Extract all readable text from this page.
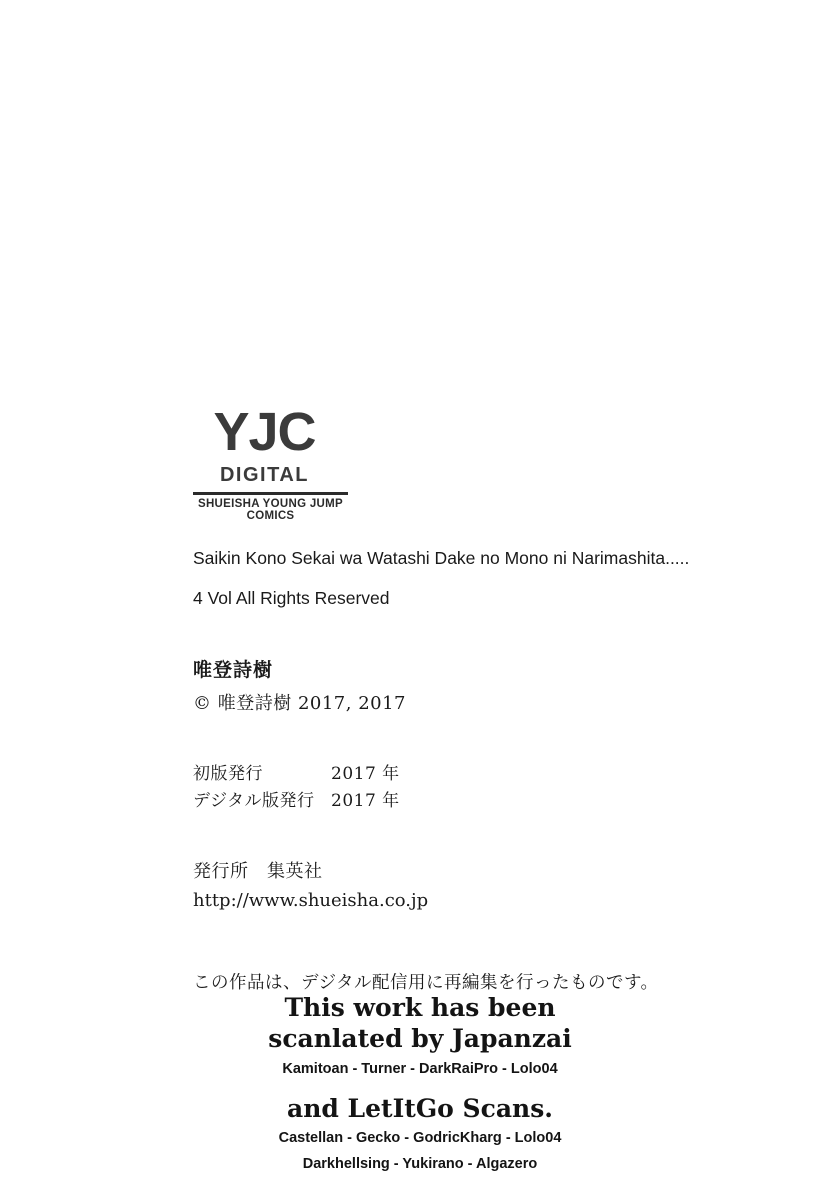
YJC
DIGITAL
SHUEISHA YOUNG JUMP COMICS

Saikin Kono Sekai wa Watashi Dake no Mono ni Narimashita.....

4 Vol All Rights Reserved

唯登詩樹

© 唯登詩樹 2017, 2017

初版発行	2017 年
デジタル版発行 2017 年
発行所　集英社
http://www.shueisha.co.jp
この作品は、デジタル配信用に再編集を行ったものです。

This work has been

scanlated by Japanzai

Kamitoan - Turner - DarkRaiPro - Lolo04

and LetItGo Scans.

Castellan - Gecko - GodricKharg - Lolo04

Darkhellsing - Yukirano - Algazero
